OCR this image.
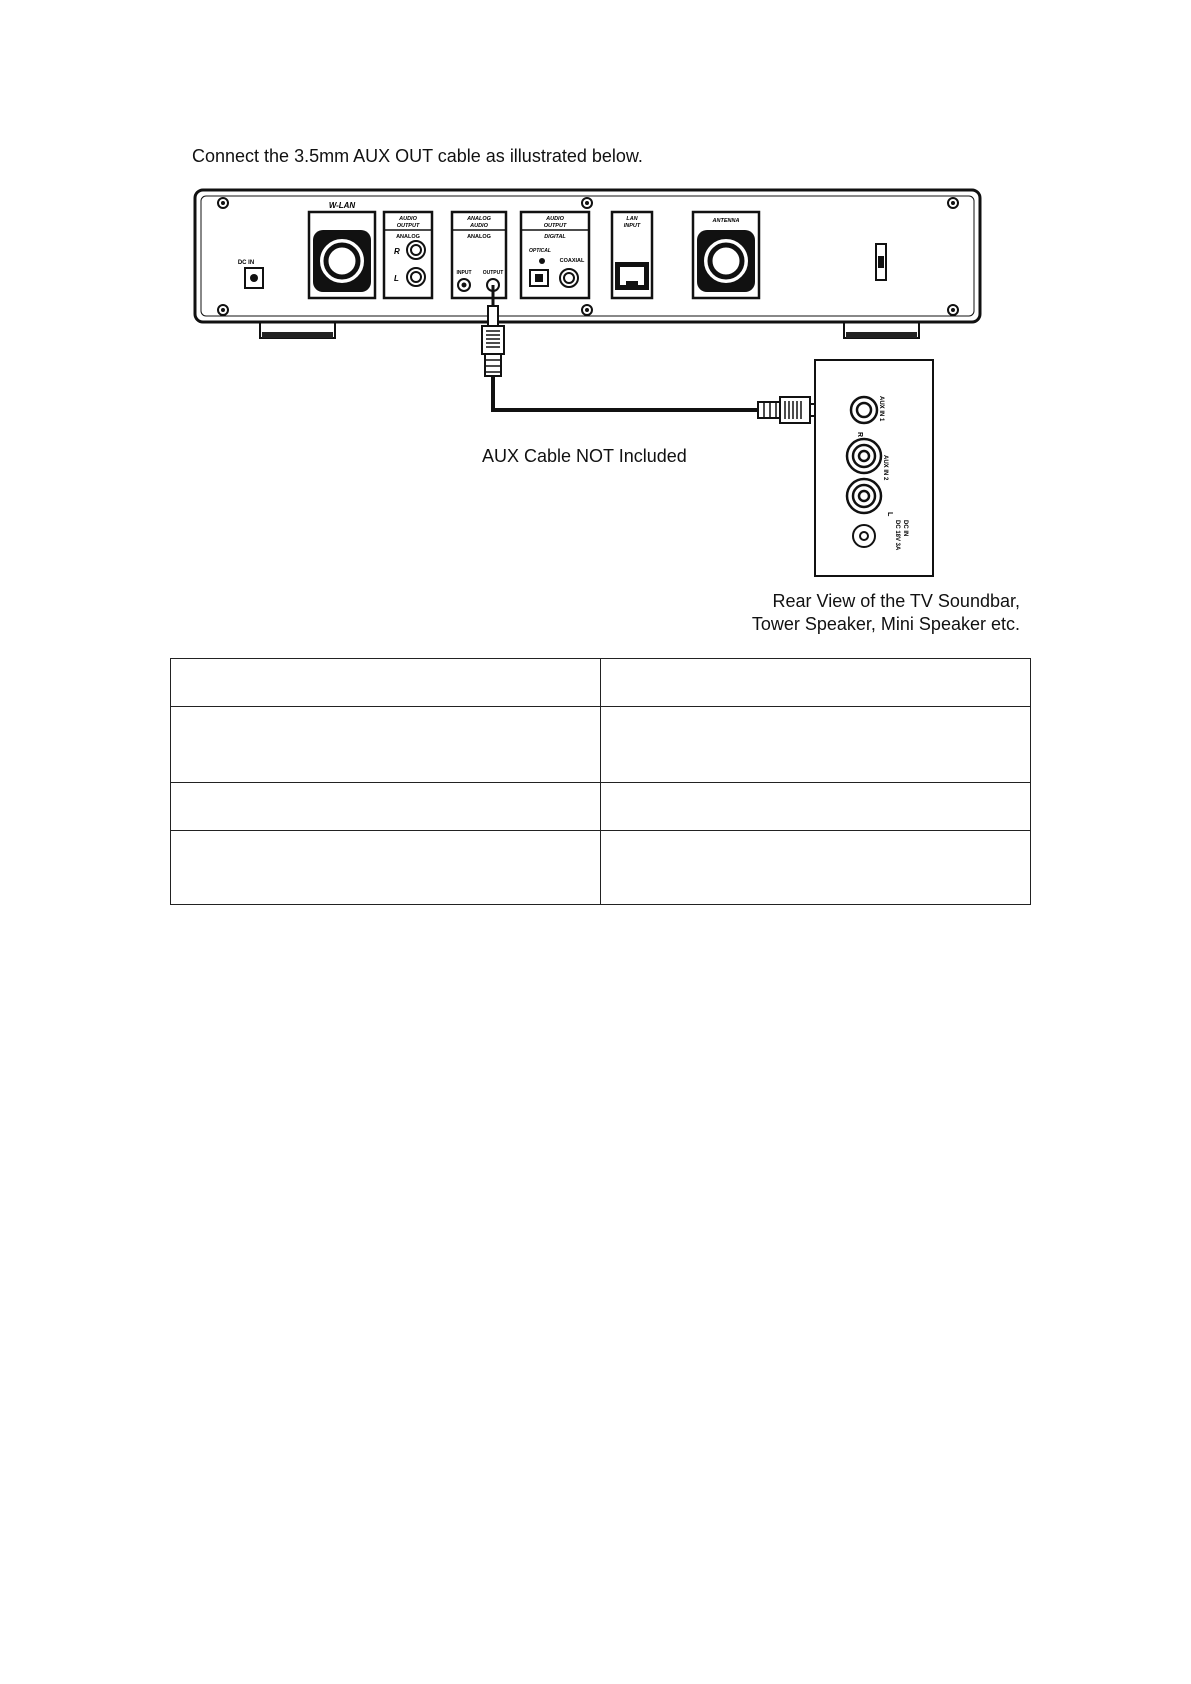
Connect the 3.5mm AUX OUT cable as illustrated below.
DC IN
W-LAN
AUDIO
OUTPUT
ANALOG
R
L
ANALOG
AUDIO
ANALOG
INPUT OUTPUT
AUDIO
OUTPUT
DIGITAL
OPTICAL
COAXIAL
LAN
INPUT
ANTENNA
AUX IN 1
R
AUX IN 2
L
DC IN
DC 18V 3A
AUX Cable NOT Included
Rear View of the TV Soundbar,
Tower Speaker, Mini Speaker etc.
